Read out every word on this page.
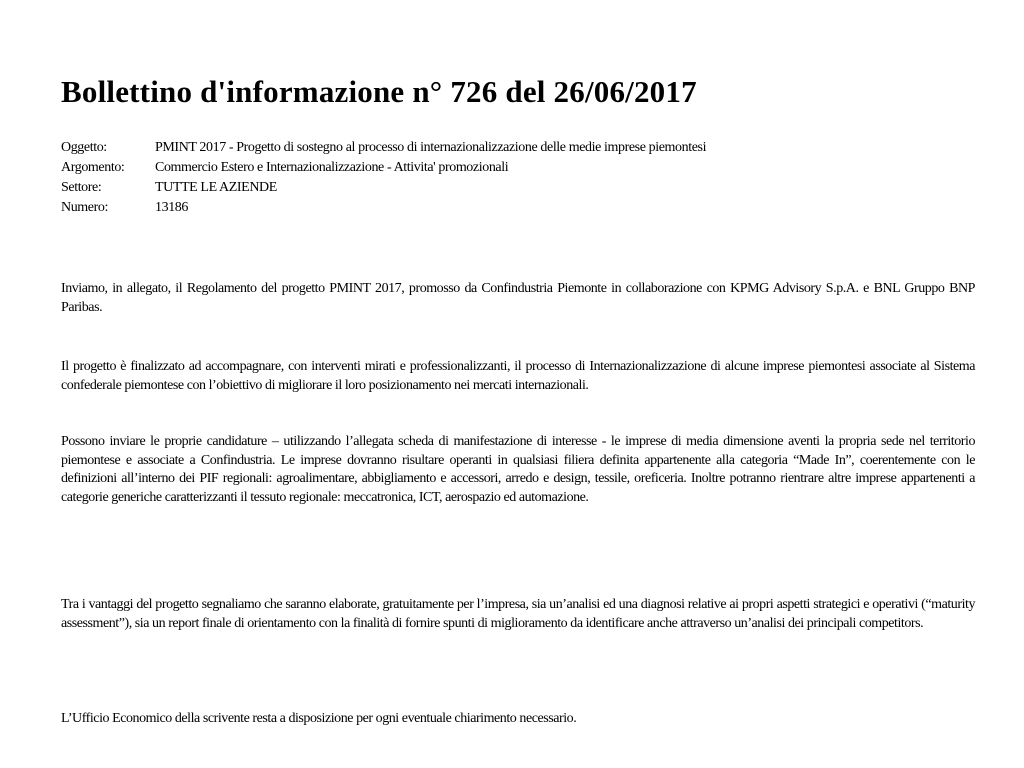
Bollettino d'informazione n° 726 del 26/06/2017
Oggetto:	PMINT 2017 - Progetto di sostegno al processo di internazionalizzazione delle medie imprese piemontesi
Argomento:	Commercio Estero e Internazionalizzazione - Attivita' promozionali
Settore:	TUTTE LE AZIENDE
Numero:	13186

Inviamo, in allegato, il Regolamento del progetto PMINT 2017, promosso da Confindustria Piemonte in collaborazione con KPMG Advisory S.p.A. e BNL Gruppo BNP Paribas.

Il progetto è finalizzato ad accompagnare, con interventi mirati e professionalizzanti, il processo di Internazionalizzazione di alcune imprese piemontesi associate al Sistema confederale piemontese con l’obiettivo di migliorare il loro posizionamento nei mercati internazionali.

Possono inviare le proprie candidature – utilizzando l’allegata scheda di manifestazione di interesse - le imprese di media dimensione aventi la propria sede nel territorio piemontese e associate a Confindustria. Le imprese dovranno risultare operanti in qualsiasi filiera definita appartenente alla categoria “Made In”, coerentemente con le definizioni all’interno dei PIF regionali: agroalimentare, abbigliamento e accessori, arredo e design, tessile, oreficeria. Inoltre potranno rientrare altre imprese appartenenti a categorie generiche caratterizzanti il tessuto regionale: meccatronica, ICT, aerospazio ed automazione.

Tra i vantaggi del progetto segnaliamo che saranno elaborate, gratuitamente per l’impresa, sia un’analisi ed una diagnosi relative ai propri aspetti strategici e operativi (“maturity assessment”), sia un report finale di orientamento con la finalità di fornire spunti di miglioramento da identificare anche attraverso un’analisi dei principali competitors.

L’Ufficio Economico della scrivente resta a disposizione per ogni eventuale chiarimento necessario.
